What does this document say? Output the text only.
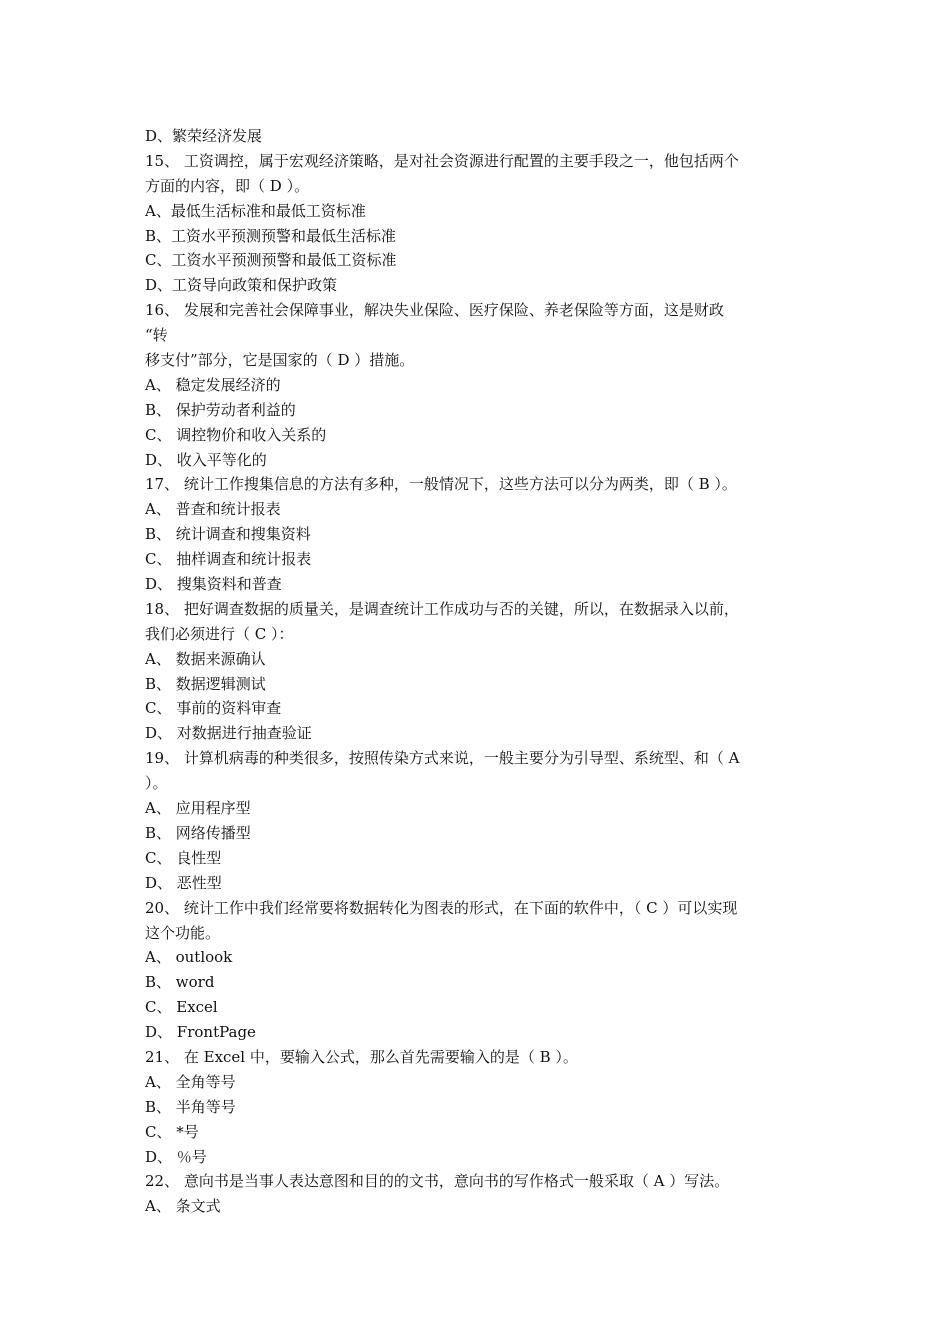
D、繁荣经济发展
15、 工资调控，属于宏观经济策略，是对社会资源进行配置的主要手段之一，他包括两个
方面的内容，即（ D ）。
A、最低生活标准和最低工资标准
B、工资水平预测预警和最低生活标准
C、工资水平预测预警和最低工资标准
D、工资导向政策和保护政策
16、 发展和完善社会保障事业，解决失业保险、医疗保险、养老保险等方面，这是财政
“转
移支付”部分，它是国家的（ D ）措施。
A、 稳定发展经济的
B、 保护劳动者利益的
C、 调控物价和收入关系的
D、 收入平等化的
17、 统计工作搜集信息的方法有多种，一般情况下，这些方法可以分为两类，即（ B ）。
A、 普查和统计报表
B、 统计调查和搜集资料
C、 抽样调查和统计报表
D、 搜集资料和普查
18、 把好调查数据的质量关，是调查统计工作成功与否的关键，所以，在数据录入以前，
我们必须进行（ C ）：
A、 数据来源确认
B、 数据逻辑测试
C、 事前的资料审查
D、 对数据进行抽查验证
19、 计算机病毒的种类很多，按照传染方式来说，一般主要分为引导型、系统型、和（ A
）。
A、 应用程序型
B、 网络传播型
C、 良性型
D、 恶性型
20、 统计工作中我们经常要将数据转化为图表的形式，在下面的软件中，（ C ）可以实现
这个功能。
A、 outlook
B、 word
C、 Excel
D、 FrontPage
21、 在 Excel 中，要输入公式，那么首先需要输入的是（ B ）。
A、 全角等号
B、 半角等号
C、 *号
D、 ％号
22、 意向书是当事人表达意图和目的的文书，意向书的写作格式一般采取（ A ）写法。
A、 条文式
